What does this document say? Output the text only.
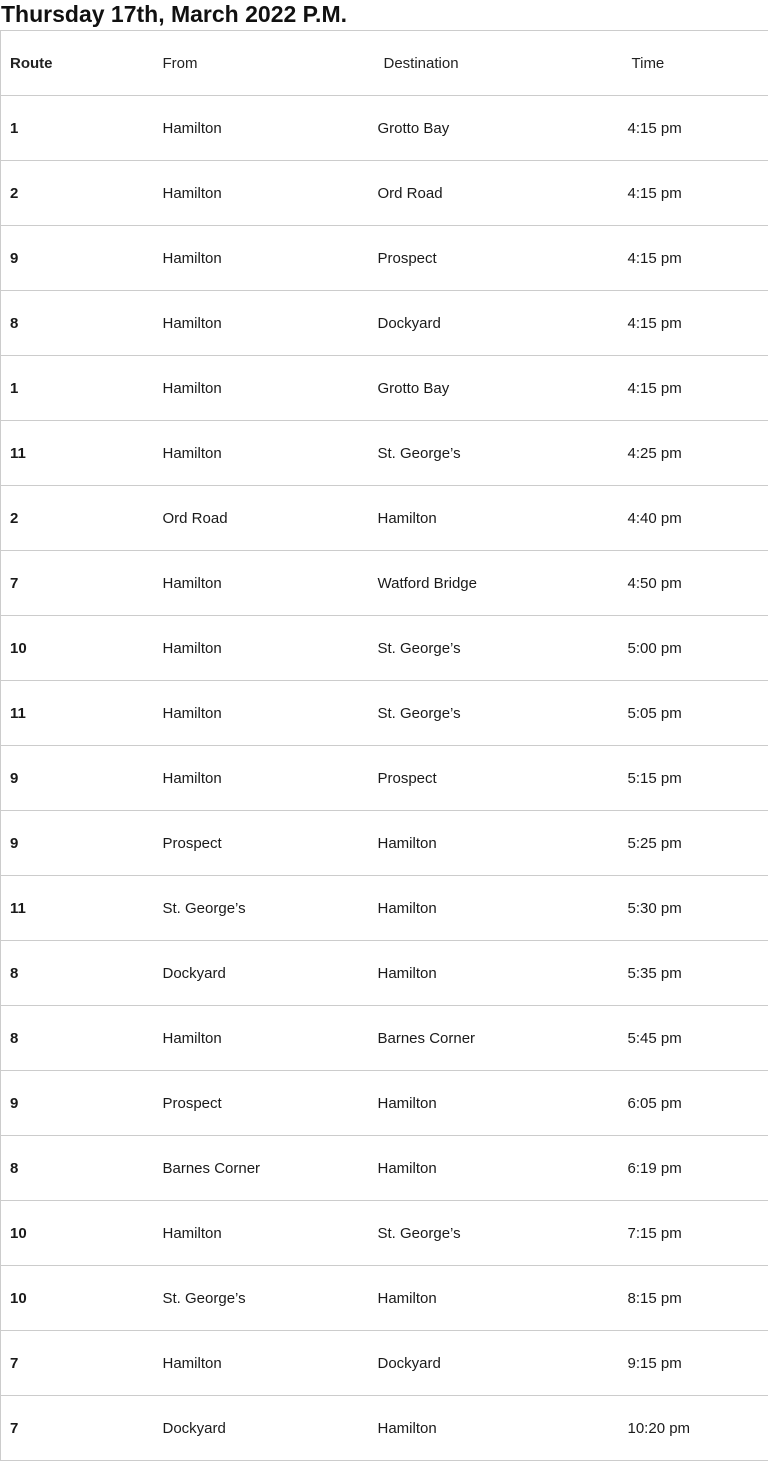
Thursday 17th, March 2022 P.M.
Route	From	Destination	Time
1	Hamilton	Grotto Bay	4:15 pm
2	Hamilton	Ord Road	4:15 pm
9	Hamilton	Prospect	4:15 pm
8	Hamilton	Dockyard	4:15 pm
1	Hamilton	Grotto Bay	4:15 pm
11	Hamilton	St. George’s	4:25 pm
2	Ord Road	Hamilton	4:40 pm
7	Hamilton	Watford Bridge	4:50 pm
10	Hamilton	St. George’s	5:00 pm
11	Hamilton	St. George’s	5:05 pm
9	Hamilton	Prospect	5:15 pm
9	Prospect	Hamilton	5:25 pm
11	St. George’s	Hamilton	5:30 pm
8	Dockyard	Hamilton	5:35 pm
8	Hamilton	Barnes Corner	5:45 pm
9	Prospect	Hamilton	6:05 pm
8	Barnes Corner	Hamilton	6:19 pm
10	Hamilton	St. George’s	7:15 pm
10	St. George’s	Hamilton	8:15 pm
7	Hamilton	Dockyard	9:15 pm
7	Dockyard	Hamilton	10:20 pm
